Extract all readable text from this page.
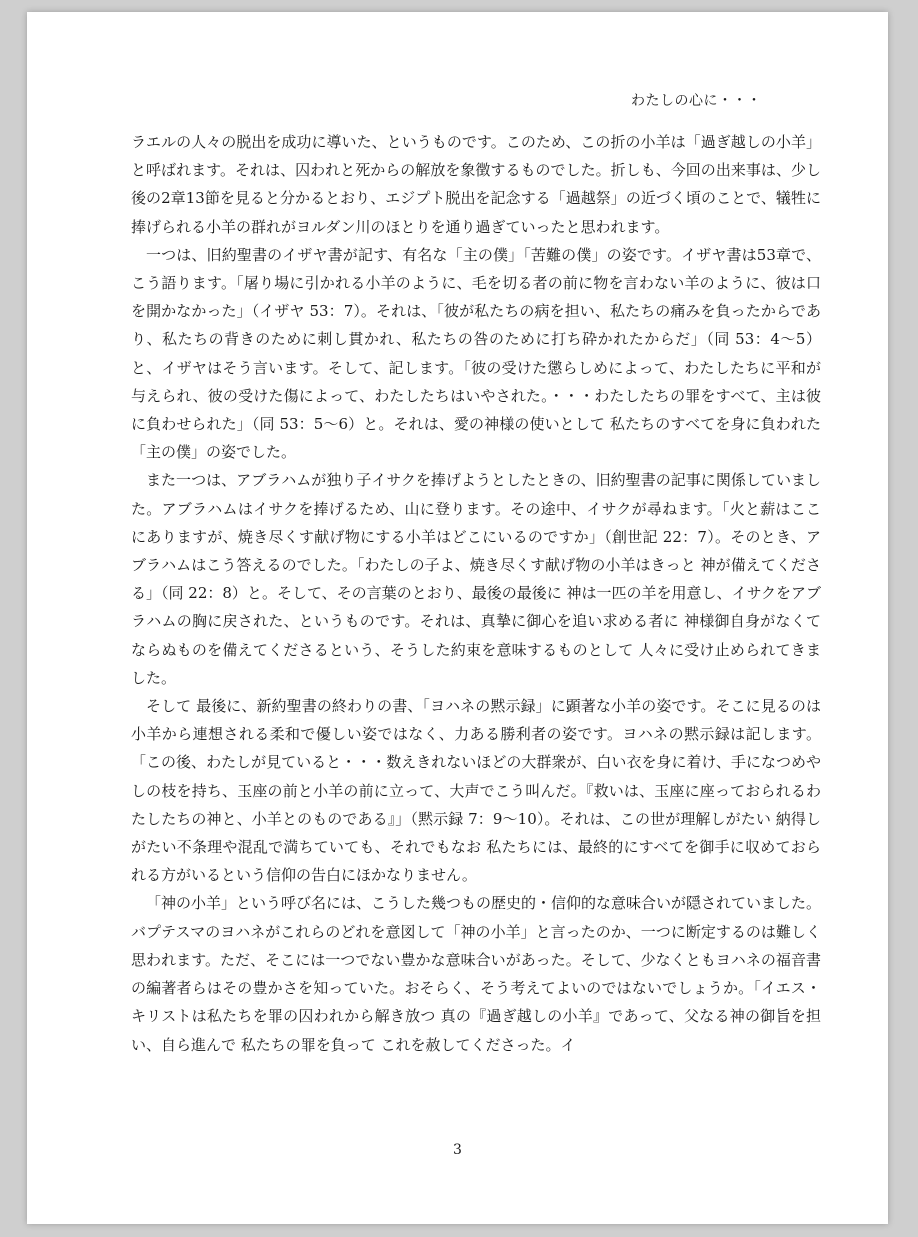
わたしの心に・・・

ラエルの人々の脱出を成功に導いた、というものです。このため、この折の小羊は「過ぎ越しの小羊」と呼ばれます。それは、囚われと死からの解放を象徴するものでした。折しも、今回の出来事は、少し後の2章13節を見ると分かるとおり、エジプト脱出を記念する「過越祭」の近づく頃のことで、犠牲に捧げられる小羊の群れがヨルダン川のほとりを通り過ぎていったと思われます。

一つは、旧約聖書のイザヤ書が記す、有名な「主の僕」「苦難の僕」の姿です。イザヤ書は53章で、こう語ります。「屠り場に引かれる小羊のように、毛を切る者の前に物を言わない羊のように、彼は口を開かなかった」（イザヤ 53：7）。それは、「彼が私たちの病を担い、私たちの痛みを負ったからであり、私たちの背きのために刺し貫かれ、私たちの咎のために打ち砕かれたからだ」（同 53：4〜5）と、イザヤはそう言います。そして、記します。「彼の受けた懲らしめによって、わたしたちに平和が与えられ、彼の受けた傷によって、わたしたちはいやされた。・・・わたしたちの罪をすべて、主は彼に負わせられた」（同 53：5〜6）と。それは、愛の神様の使いとして 私たちのすべてを身に負われた「主の僕」の姿でした。

また一つは、アブラハムが独り子イサクを捧げようとしたときの、旧約聖書の記事に関係していました。アブラハムはイサクを捧げるため、山に登ります。その途中、イサクが尋ねます。「火と薪はここにありますが、焼き尽くす献げ物にする小羊はどこにいるのですか」（創世記 22：7）。そのとき、アブラハムはこう答えるのでした。「わたしの子よ、焼き尽くす献げ物の小羊はきっと 神が備えてくださる」（同 22：8）と。そして、その言葉のとおり、最後の最後に 神は一匹の羊を用意し、イサクをアブラハムの胸に戻された、というものです。それは、真摯に御心を追い求める者に 神様御自身がなくてならぬものを備えてくださるという、そうした約束を意味するものとして 人々に受け止められてきました。

そして 最後に、新約聖書の終わりの書、「ヨハネの黙示録」に顕著な小羊の姿です。そこに見るのは 小羊から連想される柔和で優しい姿ではなく、力ある勝利者の姿です。ヨハネの黙示録は記します。「この後、わたしが見ていると・・・数えきれないほどの大群衆が、白い衣を身に着け、手になつめやしの枝を持ち、玉座の前と小羊の前に立って、大声でこう叫んだ。『救いは、玉座に座っておられるわたしたちの神と、小羊とのものである』」（黙示録 7：9〜10）。それは、この世が理解しがたい 納得しがたい不条理や混乱で満ちていても、それでもなお 私たちには、最終的にすべてを御手に収めておられる方がいるという信仰の告白にほかなりません。

「神の小羊」という呼び名には、こうした幾つもの歴史的・信仰的な意味合いが隠されていました。バプテスマのヨハネがこれらのどれを意図して「神の小羊」と言ったのか、一つに断定するのは難しく思われます。ただ、そこには一つでない豊かな意味合いがあった。そして、少なくともヨハネの福音書の編著者らはその豊かさを知っていた。おそらく、そう考えてよいのではないでしょうか。「イエス・キリストは私たちを罪の囚われから解き放つ 真の『過ぎ越しの小羊』であって、父なる神の御旨を担い、自ら進んで 私たちの罪を負って これを赦してくださった。イ

3
